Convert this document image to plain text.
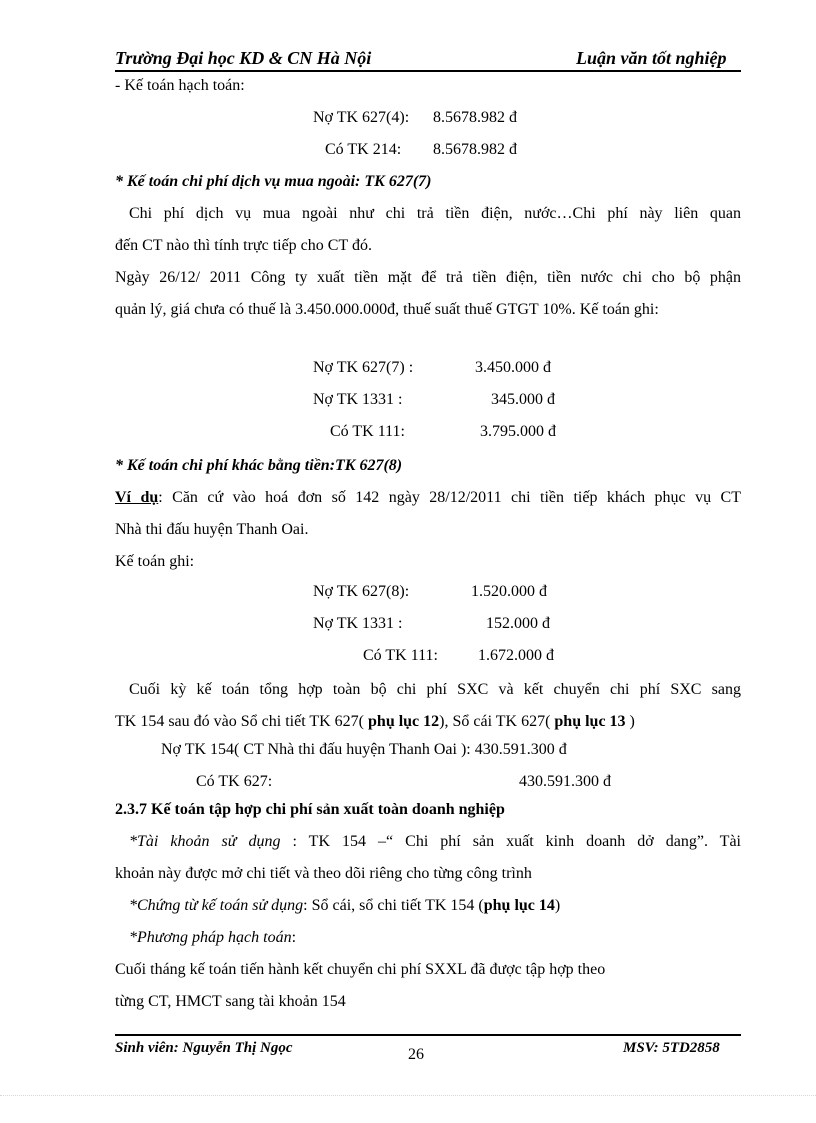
Trường Đại học KD & CN Hà Nội	Luận văn tốt nghiệp
- Kế toán hạch toán:
Nợ TK 627(4): 8.5678.982 đ
Có TK 214: 8.5678.982 đ
* Kế toán chi phí dịch vụ mua ngoài: TK 627(7)
Chi phí dịch vụ mua ngoài như chi trả tiền điện, nước…Chi phí này liên quan
đến CT nào thì tính trực tiếp cho CT đó.
Ngày 26/12/ 2011 Công ty xuất tiền mặt để trả tiền điện, tiền nước chi cho bộ phận
quản lý, giá chưa có thuế là 3.450.000.000đ, thuế suất thuế GTGT 10%. Kế toán ghi:
Nợ TK 627(7) :	3.450.000 đ
Nợ TK 1331 :	345.000 đ
Có TK 111:	3.795.000 đ
* Kế toán chi phí khác bằng tiền:TK 627(8)
Ví dụ: Căn cứ vào hoá đơn số 142 ngày 28/12/2011 chi tiền tiếp khách phục vụ CT
Nhà thi đấu huyện Thanh Oai.
Kế toán ghi:
Nợ TK 627(8):	1.520.000 đ
Nợ TK 1331 :	152.000 đ
Có TK 111:	1.672.000 đ
Cuối kỳ kế toán tổng hợp toàn bộ chi phí SXC và kết chuyển chi phí SXC sang
TK 154 sau đó vào Sổ chi tiết TK 627( phụ lục 12), Sổ cái TK 627( phụ lục 13 )
Nợ TK 154( CT Nhà thi đấu huyện Thanh Oai ): 430.591.300 đ
Có TK 627:	430.591.300 đ
2.3.7 Kế toán tập hợp chi phí sản xuất toàn doanh nghiệp
*Tài khoản sử dụng : TK 154 –“ Chi phí sản xuất kinh doanh dở dang”. Tài
khoản này được mở chi tiết và theo dõi riêng cho từng công trình
*Chứng từ kế toán sử dụng: Sổ cái, sổ chi tiết TK 154 (phụ lục 14)
*Phương pháp hạch toán:
Cuối tháng kế toán tiến hành kết chuyển chi phí SXXL đã được tập hợp theo
từng CT, HMCT sang tài khoản 154
Sinh viên: Nguyễn Thị Ngọc	26	MSV: 5TD2858
